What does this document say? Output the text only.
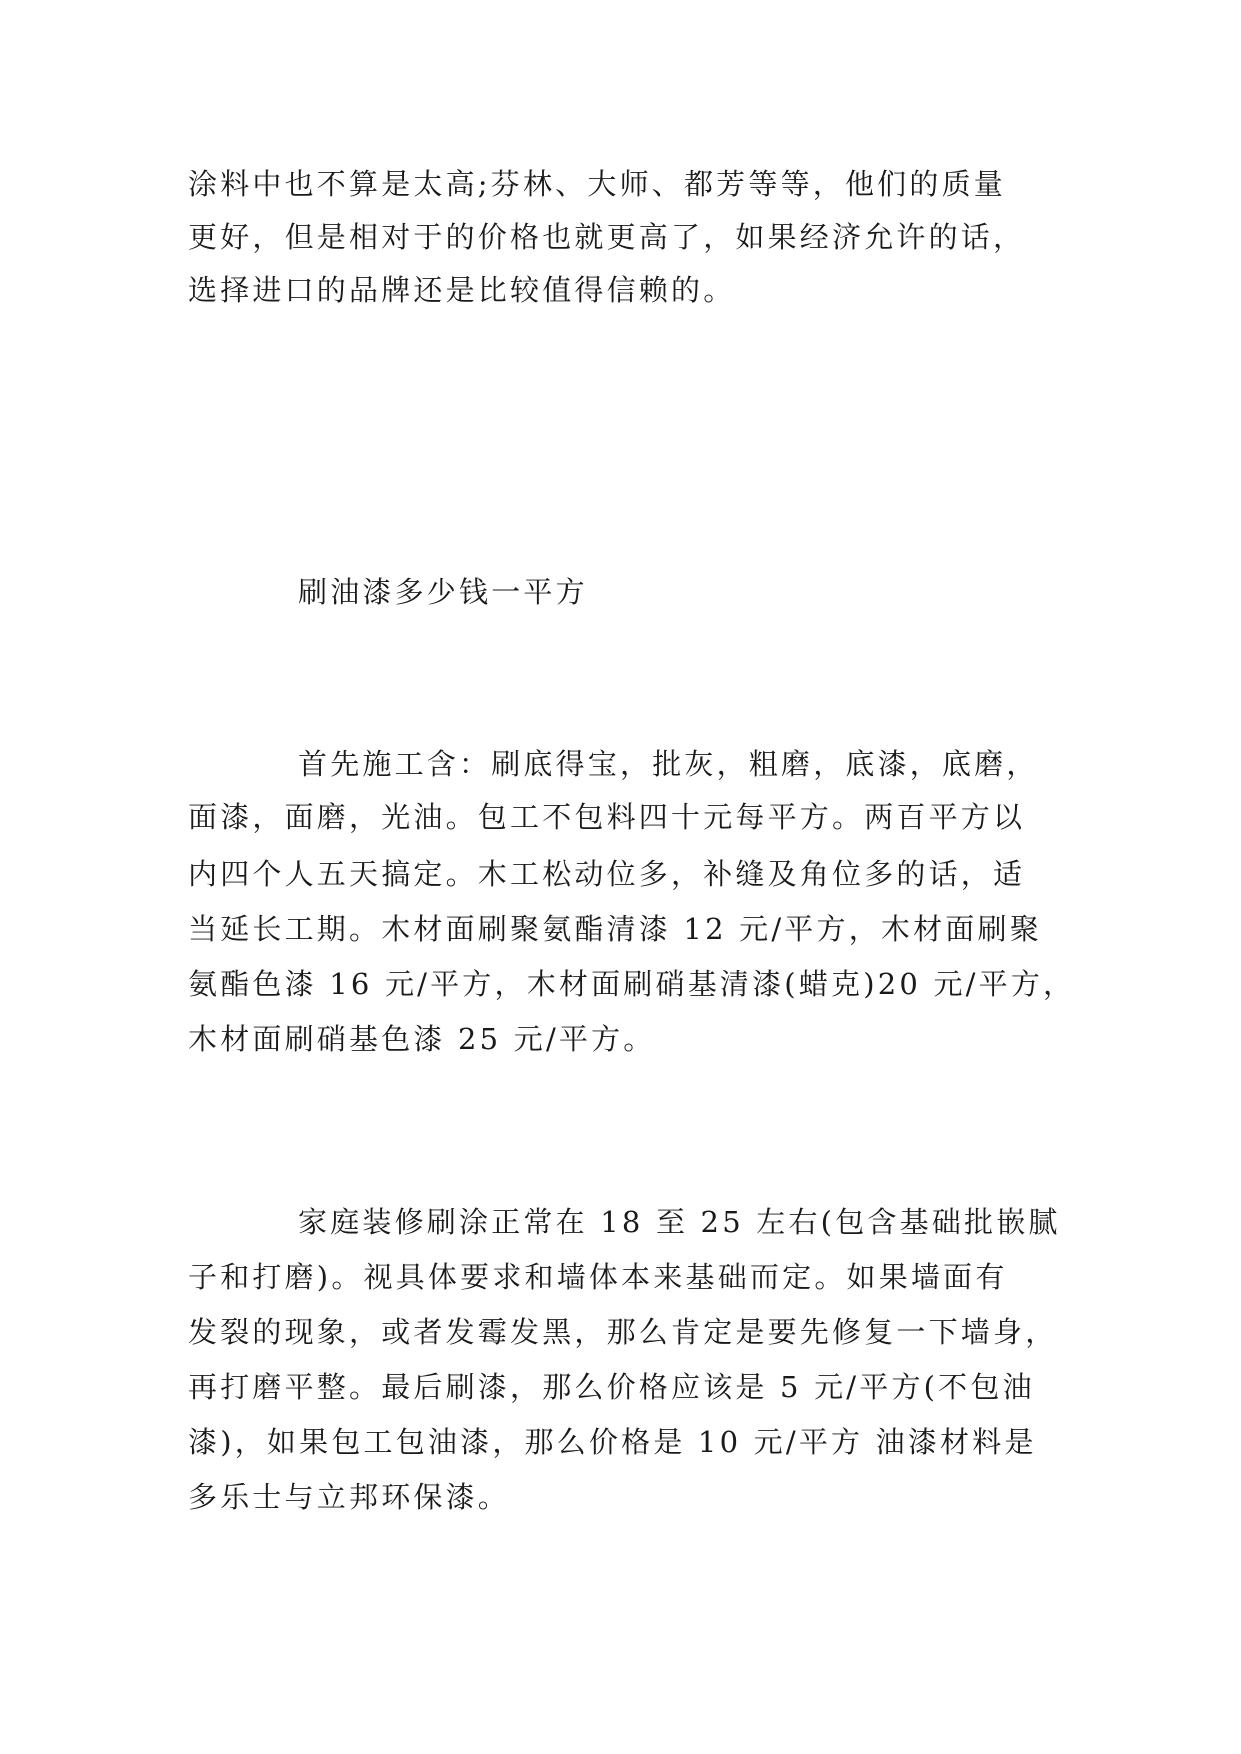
涂料中也不算是太高;芬林、大师、都芳等等，他们的质量
更好，但是相对于的价格也就更高了，如果经济允许的话，
选择进口的品牌还是比较值得信赖的。
刷油漆多少钱一平方
首先施工含：刷底得宝，批灰，粗磨，底漆，底磨，
面漆，面磨，光油。包工不包料四十元每平方。两百平方以
内四个人五天搞定。木工松动位多，补缝及角位多的话，适
当延长工期。木材面刷聚氨酯清漆 12 元/平方，木材面刷聚
氨酯色漆 16 元/平方，木材面刷硝基清漆(蜡克)20 元/平方，
木材面刷硝基色漆 25 元/平方。
家庭装修刷涂正常在 18 至 25 左右(包含基础批嵌腻
子和打磨)。视具体要求和墙体本来基础而定。如果墙面有
发裂的现象，或者发霉发黑，那么肯定是要先修复一下墙身，
再打磨平整。最后刷漆，那么价格应该是 5 元/平方(不包油
漆)，如果包工包油漆，那么价格是 10 元/平方 油漆材料是
多乐士与立邦环保漆。
